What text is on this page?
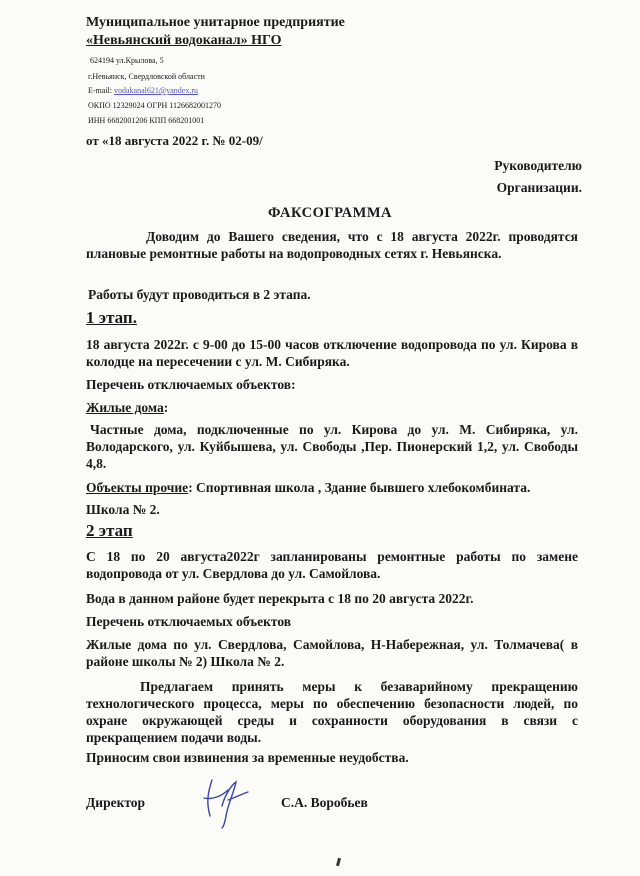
Муниципальное унитарное предприятие
«Невьянский водоканал» НГО
624194 ул.Крылова, 5
г.Невьянск, Свердловской области
E-mail: vodakanal621@yandex.ru
ОКПО 12329024 ОГРН 1126682001270
ИНН 6682001206 КПП 668201001
от «18 августа 2022 г. № 02-09/
Руководителю
Организации.
ФАКСОГРАММА
Доводим до Вашего сведения, что с 18 августа 2022г. проводятся плановые ремонтные работы на водопроводных сетях г. Невьянска.
Работы будут проводиться в 2 этапа.
1 этап.
18 августа 2022г. с 9-00 до 15-00 часов отключение водопровода по ул. Кирова в колодце на пересечении с ул. М. Сибиряка.
Перечень отключаемых объектов:
Жилые дома:
Частные дома, подключенные по ул. Кирова до ул. М. Сибиряка, ул. Володарского, ул. Куйбышева, ул. Свободы ,Пер. Пионерский 1,2, ул. Свободы 4,8.
Объекты прочие: Спортивная школа , Здание бывшего хлебокомбината.
Школа № 2.
2 этап
С 18 по 20 августа2022г запланированы ремонтные работы по замене водопровода от ул. Свердлова до ул. Самойлова.
Вода в данном районе будет перекрыта с 18 по 20 августа 2022г.
Перечень отключаемых объектов
Жилые дома по ул. Свердлова, Самойлова, Н-Набережная, ул. Толмачева( в районе школы № 2) Школа № 2.
Предлагаем принять меры к безаварийному прекращению технологического процесса, меры по обеспечению безопасности людей, по охране окружающей среды и сохранности оборудования в связи с прекращением подачи воды.
Приносим свои извинения за временные неудобства.
Директор	С.А. Воробьев
